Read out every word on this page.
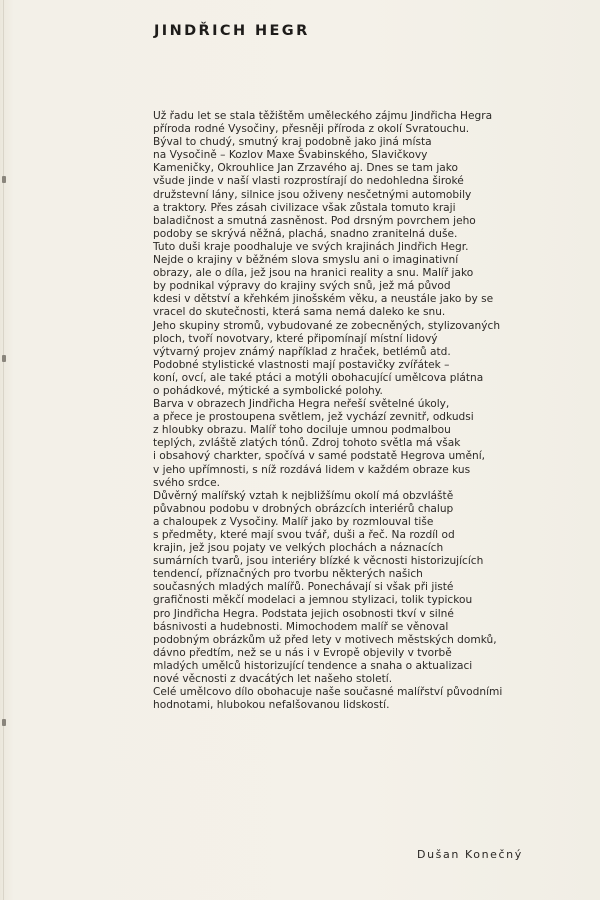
JINDŘICH HEGR
Už řadu let se stala těžištěm uměleckého zájmu Jindřicha Hegra
příroda rodné Vysočiny, přesněji příroda z okolí Svratouchu.
Býval to chudý, smutný kraj podobně jako jiná místa
na Vysočině – Kozlov Maxe Švabinského, Slavičkovy
Kameničky, Okrouhlice Jan Zrzavého aj. Dnes se tam jako
všude jinde v naší vlasti rozprostírají do nedohledna široké
družstevní lány, silnice jsou oživeny nesčetnými automobily
a traktory. Přes zásah civilizace však zůstala tomuto kraji
baladičnost a smutná zasněnost. Pod drsným povrchem jeho
podoby se skrývá něžná, plachá, snadno zranitelná duše.
Tuto duši kraje poodhaluje ve svých krajinách Jindřich Hegr.
Nejde o krajiny v běžném slova smyslu ani o imaginativní
obrazy, ale o díla, jež jsou na hranici reality a snu. Malíř jako
by podnikal výpravy do krajiny svých snů, jež má původ
kdesi v dětství a křehkém jinošském věku, a neustále jako by se
vracel do skutečnosti, která sama nemá daleko ke snu.
Jeho skupiny stromů, vybudované ze zobecněných, stylizovaných
ploch, tvoří novotvary, které připomínají místní lidový
výtvarný projev známý například z hraček, betlémů atd.
Podobné stylistické vlastnosti mají postavičky zvířátek –
koní, ovcí, ale také ptáci a motýli obohacující umělcova plátna
o pohádkové, mýtické a symbolické polohy.
Barva v obrazech Jindřicha Hegra neřeší světelné úkoly,
a přece je prostoupena světlem, jež vychází zevnitř, odkudsi
z hloubky obrazu. Malíř toho dociluje umnou podmalbou
teplých, zvláště zlatých tónů. Zdroj tohoto světla má však
i obsahový charkter, spočívá v samé podstatě Hegrova umění,
v jeho upřímnosti, s níž rozdává lidem v každém obraze kus
svého srdce.
Důvěrný malířský vztah k nejbližšímu okolí má obzvláště
půvabnou podobu v drobných obrázcích interiérů chalup
a chaloupek z Vysočiny. Malíř jako by rozmlouval tiše
s předměty, které mají svou tvář, duši a řeč. Na rozdíl od
krajin, jež jsou pojaty ve velkých plochách a náznacích
sumárních tvarů, jsou interiéry blízké k věcnosti historizujících
tendencí, příznačných pro tvorbu některých našich
současných mladých malířů. Ponechávají si však při jisté
grafičnosti měkčí modelaci a jemnou stylizaci, tolik typickou
pro Jindřicha Hegra. Podstata jejich osobnosti tkví v silné
básnivosti a hudebnosti. Mimochodem malíř se věnoval
podobným obrázkům už před lety v motivech městských domků,
dávno předtím, než se u nás i v Evropě objevily v tvorbě
mladých umělců historizující tendence a snaha o aktualizaci
nové věcnosti z dvacátých let našeho století.
Celé umělcovo dílo obohacuje naše současné malířství původními
hodnotami, hlubokou nefalšovanou lidskostí.

Dušan Konečný
